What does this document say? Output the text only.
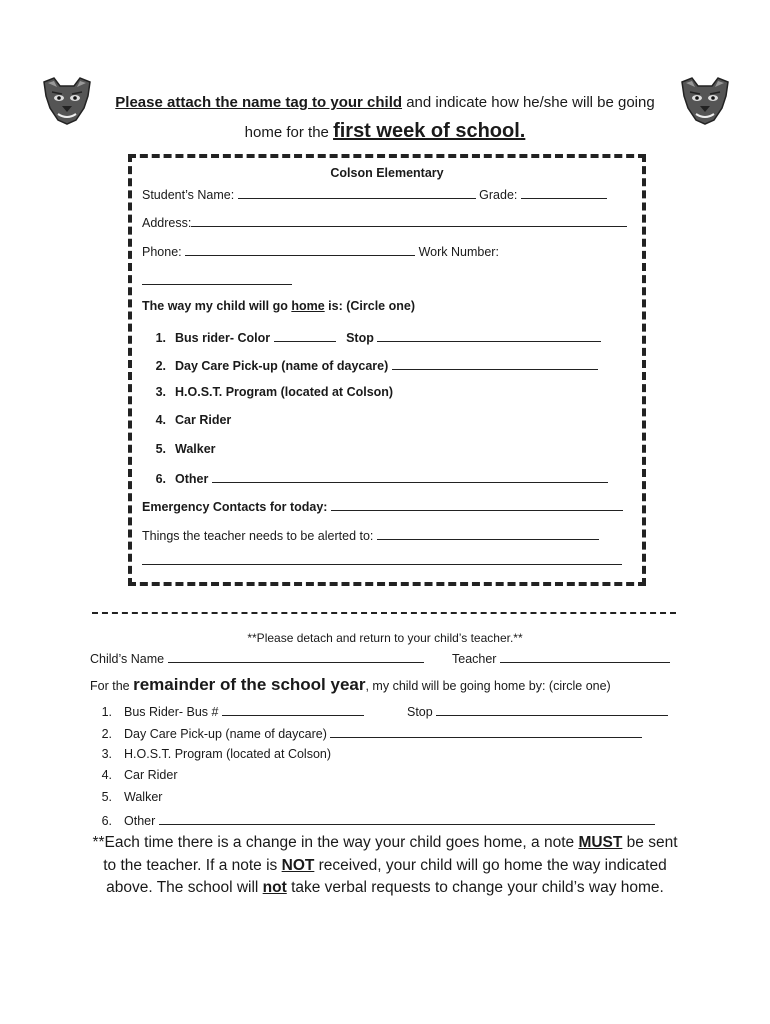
Please attach the name tag to your child and indicate how he/she will be going
home for the first week of school.
Colson Elementary
Student’s Name:	Grade:
Address:
Phone:	Work Number:
The way my child will go home is: (Circle one)
1. Bus rider- Color	Stop
2. Day Care Pick-up (name of daycare)
3. H.O.S.T. Program (located at Colson)
4. Car Rider
5. Walker
6. Other
Emergency Contacts for today:
Things the teacher needs to be alerted to:
**Please detach and return to your child’s teacher.**
Child’s Name	Teacher
For the remainder of the school year, my child will be going home by: (circle one)
1. Bus Rider- Bus #	Stop
2. Day Care Pick-up (name of daycare)
3. H.O.S.T. Program (located at Colson)
4. Car Rider
5. Walker
6. Other
**Each time there is a change in the way your child goes home, a note MUST be sent to the teacher. If a note is NOT received, your child will go home the way indicated above. The school will not take verbal requests to change your child’s way home.
